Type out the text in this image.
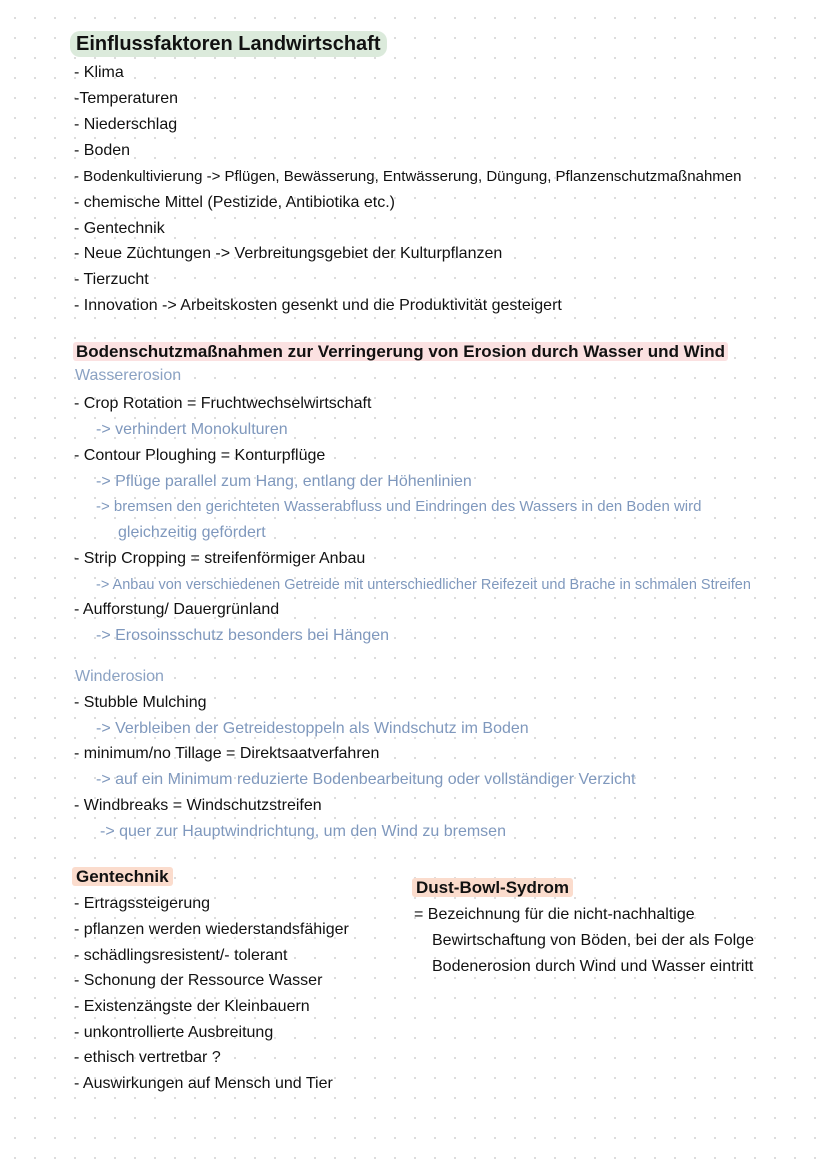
Einflussfaktoren Landwirtschaft
- Klima
-Temperaturen
- Niederschlag
- Boden
- Bodenkultivierung -> Pflügen, Bewässerung, Entwässerung, Düngung, Pflanzenschutzmaßnahmen
- chemische Mittel (Pestizide, Antibiotika etc.)
- Gentechnik
- Neue Züchtungen -> Verbreitungsgebiet der Kulturpflanzen
- Tierzucht
- Innovation -> Arbeitskosten gesenkt und die Produktivität gesteigert
Bodenschutzmaßnahmen zur Verringerung von Erosion durch Wasser und Wind
Wassererosion
- Crop Rotation = Fruchtwechselwirtschaft
-> verhindert Monokulturen
- Contour Ploughing = Konturpflüge
-> Pflüge parallel zum Hang, entlang der Höhenlinien
-> bremsen den gerichteten Wasserabfluss und Eindringen des Wassers in den Boden wird
gleichzeitig gefördert
- Strip Cropping = streifenförmiger Anbau
-> Anbau von verschiedenen Getreide mit unterschiedlicher Reifezeit und Brache in schmalen Streifen
- Aufforstung/ Dauergrünland
-> Erosoinsschutz besonders bei Hängen
Winderosion
- Stubble Mulching
-> Verbleiben der Getreidestoppeln als Windschutz im Boden
- minimum/no Tillage = Direktsaatverfahren
-> auf ein Minimum reduzierte Bodenbearbeitung oder vollständiger Verzicht
- Windbreaks = Windschutzstreifen
-> quer zur Hauptwindrichtung, um den Wind zu bremsen
Gentechnik
- Ertragssteigerung
- pflanzen werden wiederstandsfähiger
- schädlingsresistent/- tolerant
- Schonung der Ressource Wasser
- Existenzängste der Kleinbauern
- unkontrollierte Ausbreitung
- ethisch vertretbar ?
- Auswirkungen auf Mensch und Tier
Dust-Bowl-Sydrom
= Bezeichnung für die nicht-nachhaltige
Bewirtschaftung von Böden, bei der als Folge
Bodenerosion durch Wind und Wasser eintritt
